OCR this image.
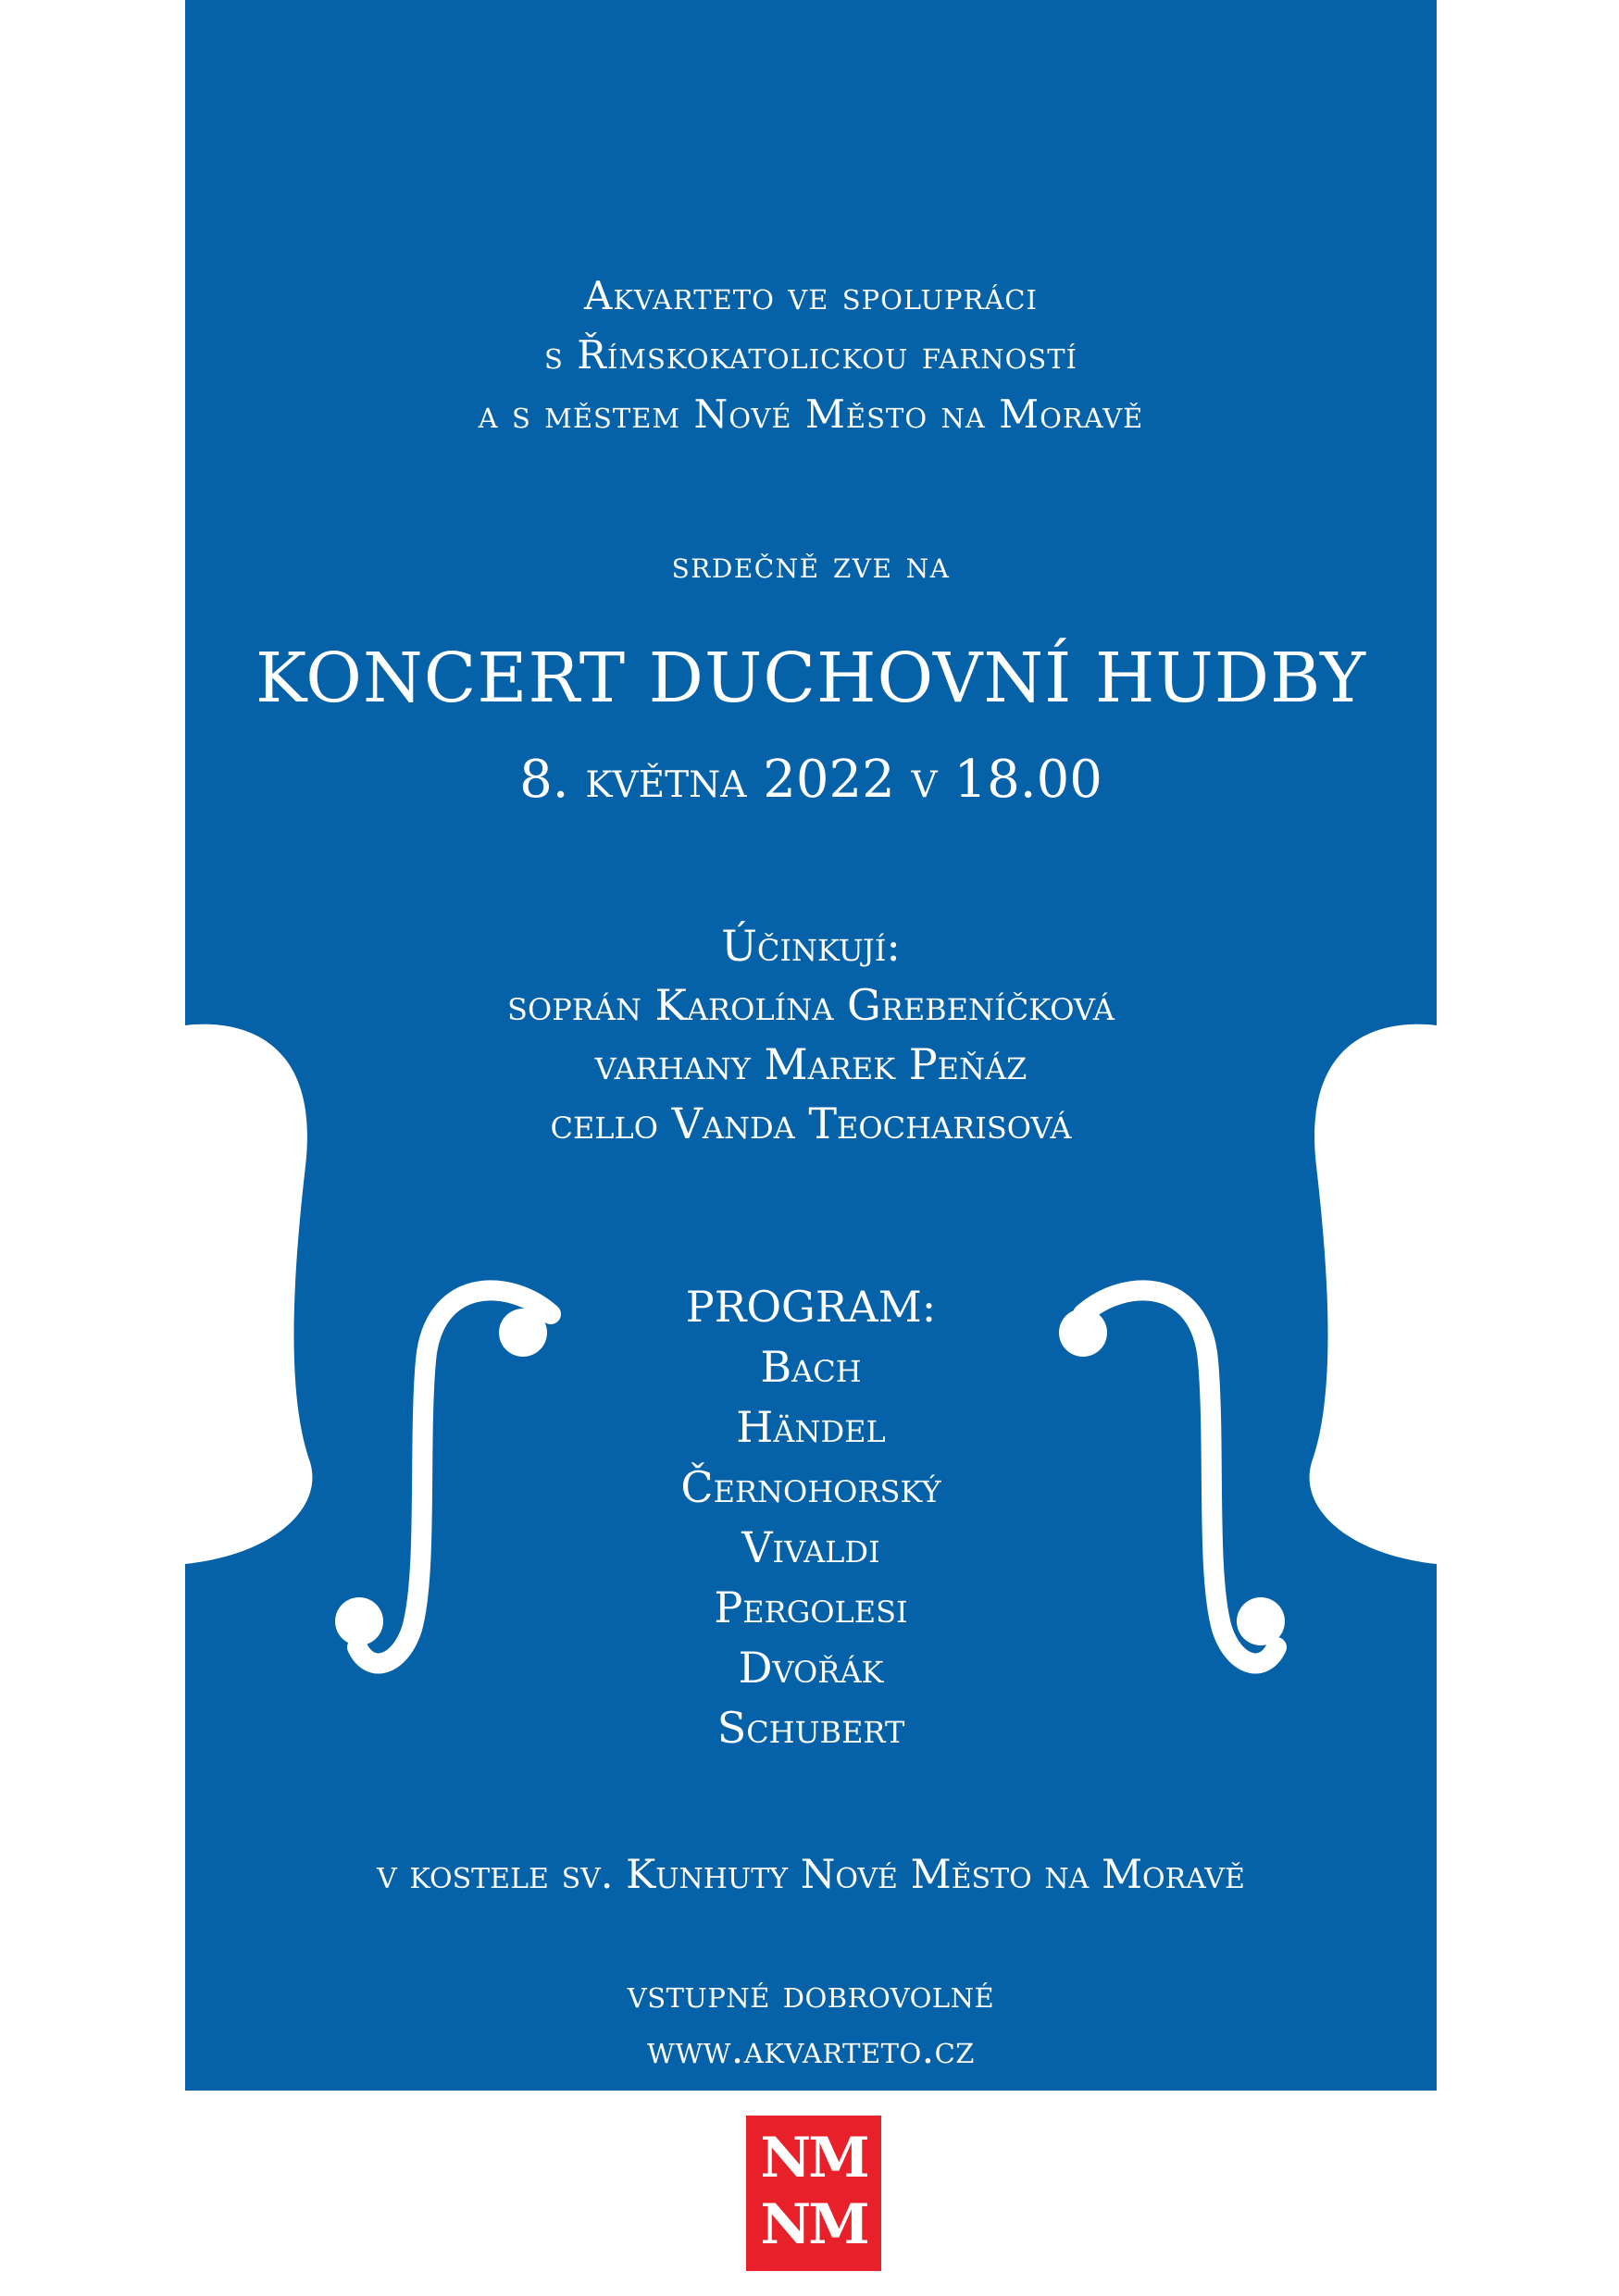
Akvarteto ve spolupráci
s Římskokatolickou farností
a s městem Nové Město na Moravě
srdečně zve na
KONCERT DUCHOVNÍ HUDBY
8. května 2022 v 18.00
Účinkují:
soprán Karolína Grebeníčková
varhany Marek Peňáz
cello Vanda Teocharisová
PROGRAM:
Bach
Händel
Černohorský
Vivaldi
Pergolesi
Dvořák
Schubert
v kostele sv. Kunhuty Nové Město na Moravě
vstupné dobrovolné
www.akvarteto.cz
NM
NM
